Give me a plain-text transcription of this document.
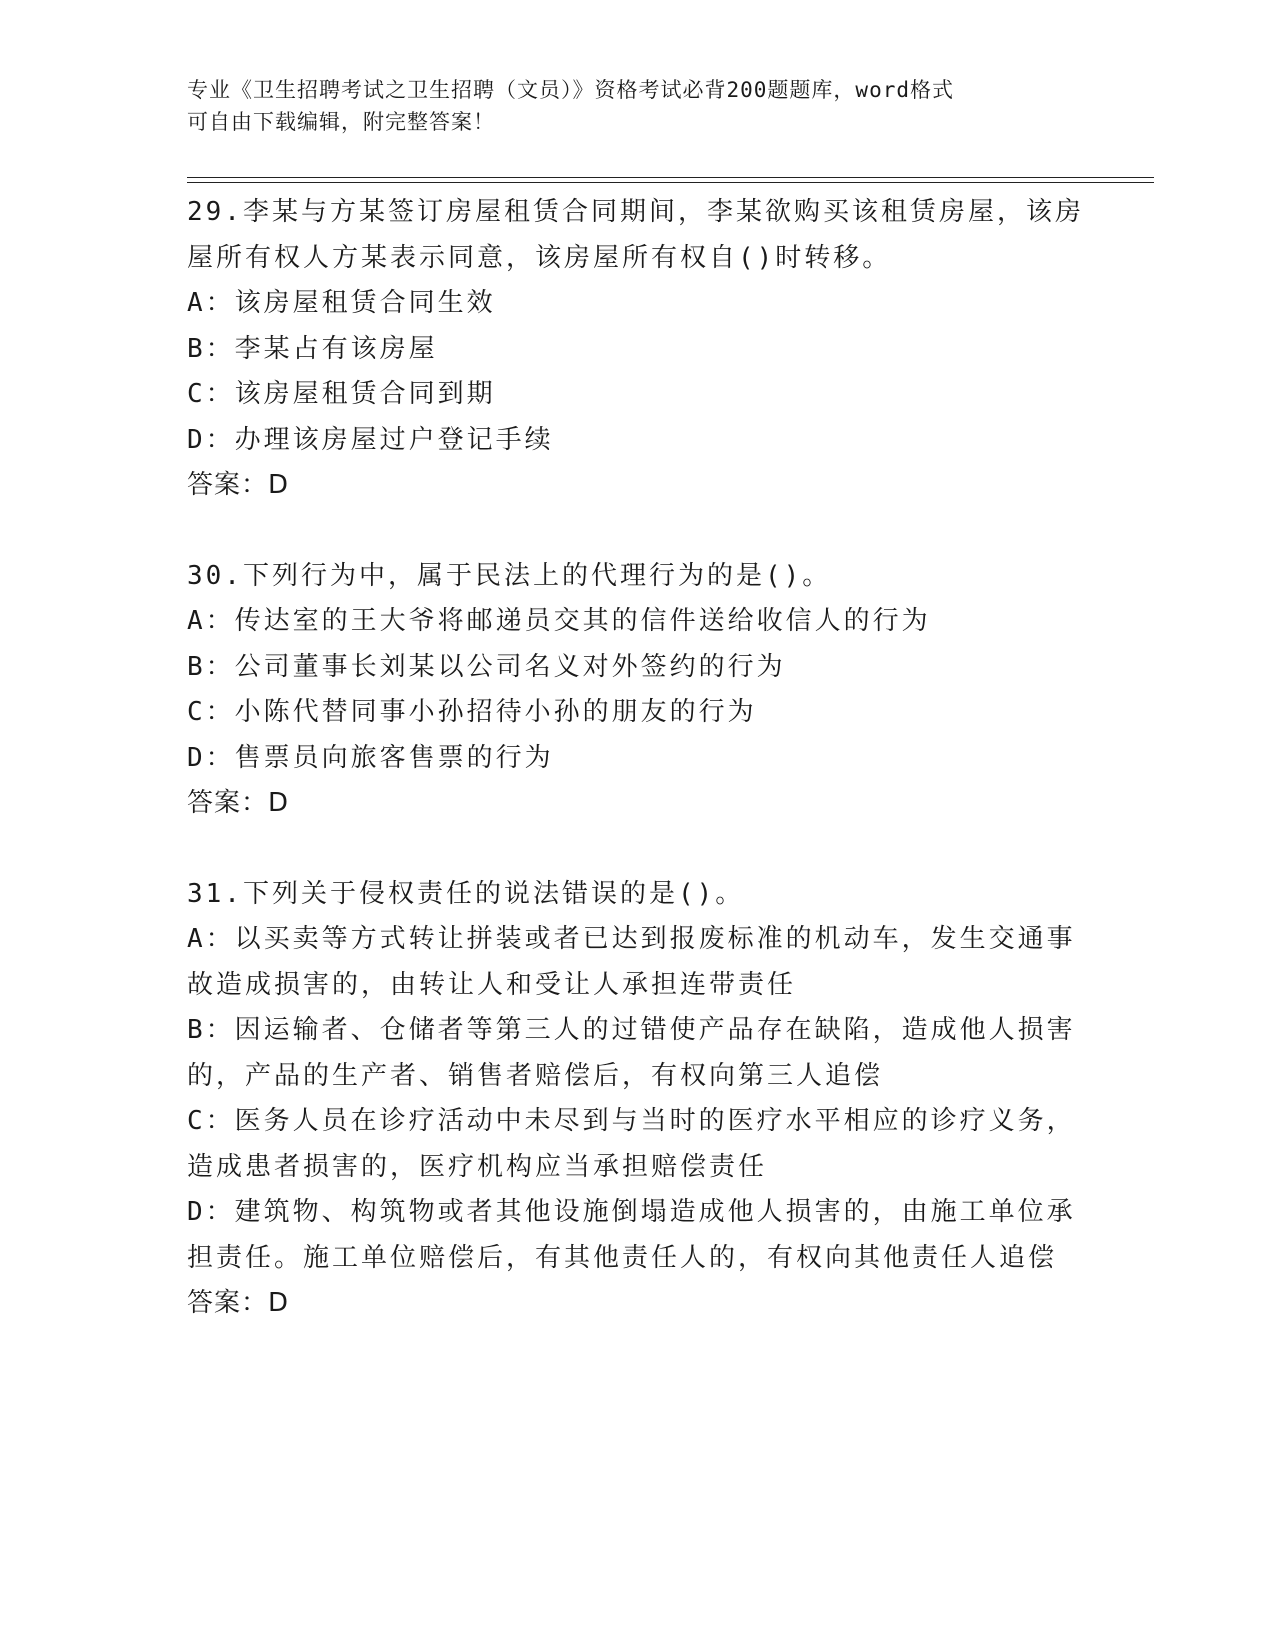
专业《卫生招聘考试之卫生招聘（文员）》资格考试必背200题题库，word格式
可自由下载编辑，附完整答案！
29.李某与方某签订房屋租赁合同期间，李某欲购买该租赁房屋，该房屋所有权人方某表示同意，该房屋所有权自()时转移。
A：该房屋租赁合同生效
B：李某占有该房屋
C：该房屋租赁合同到期
D：办理该房屋过户登记手续
答案：D
30.下列行为中，属于民法上的代理行为的是()。
A：传达室的王大爷将邮递员交其的信件送给收信人的行为
B：公司董事长刘某以公司名义对外签约的行为
C：小陈代替同事小孙招待小孙的朋友的行为
D：售票员向旅客售票的行为
答案：D
31.下列关于侵权责任的说法错误的是()。
A：以买卖等方式转让拼装或者已达到报废标准的机动车，发生交通事故造成损害的，由转让人和受让人承担连带责任
B：因运输者、仓储者等第三人的过错使产品存在缺陷，造成他人损害的，产品的生产者、销售者赔偿后，有权向第三人追偿
C：医务人员在诊疗活动中未尽到与当时的医疗水平相应的诊疗义务，造成患者损害的，医疗机构应当承担赔偿责任
D：建筑物、构筑物或者其他设施倒塌造成他人损害的，由施工单位承担责任。施工单位赔偿后，有其他责任人的，有权向其他责任人追偿
答案：D
